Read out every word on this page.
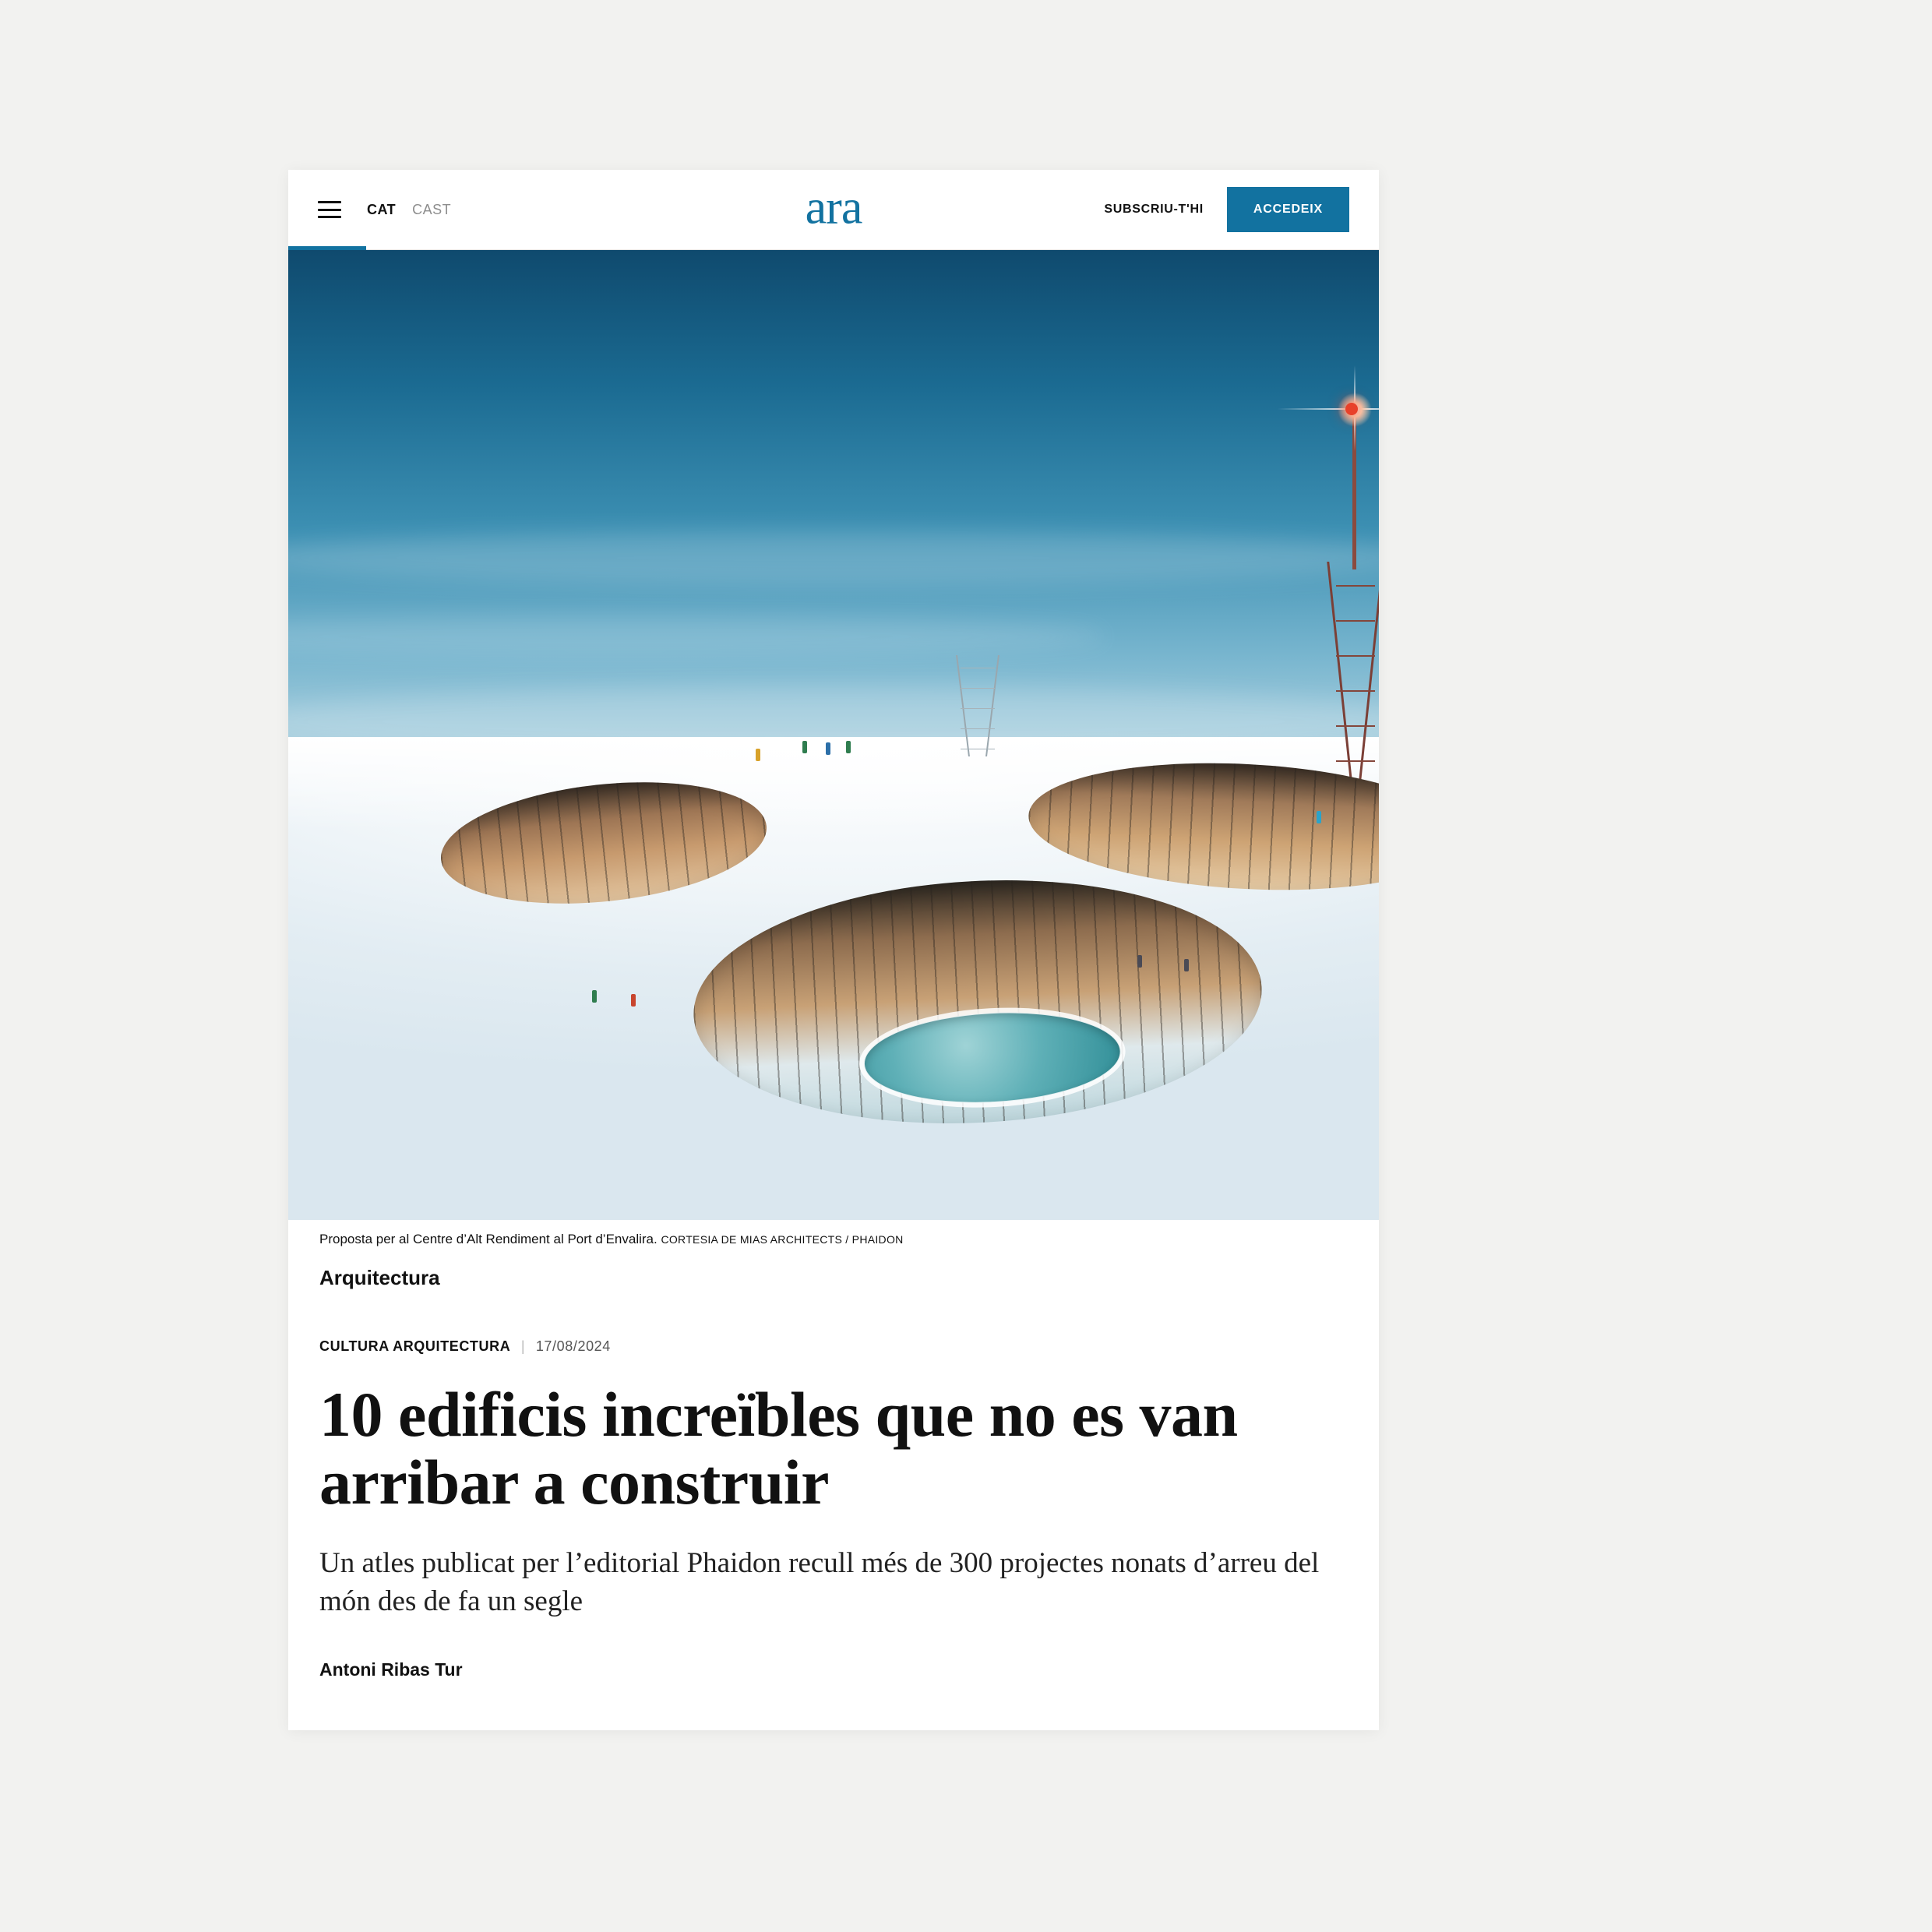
CAT CAST	ara	SUBSCRIU-T'HI	ACCEDEIX
Proposta per al Centre d’Alt Rendiment al Port d’Envalira. CORTESIA DE MIAS ARCHITECTS / PHAIDON
Arquitectura
CULTURA ARQUITECTURA | 17/08/2024
10 edificis increïbles que no es van arribar a construir
Un atles publicat per l’editorial Phaidon recull més de 300 projectes nonats d’arreu del món des de fa un segle
Antoni Ribas Tur
